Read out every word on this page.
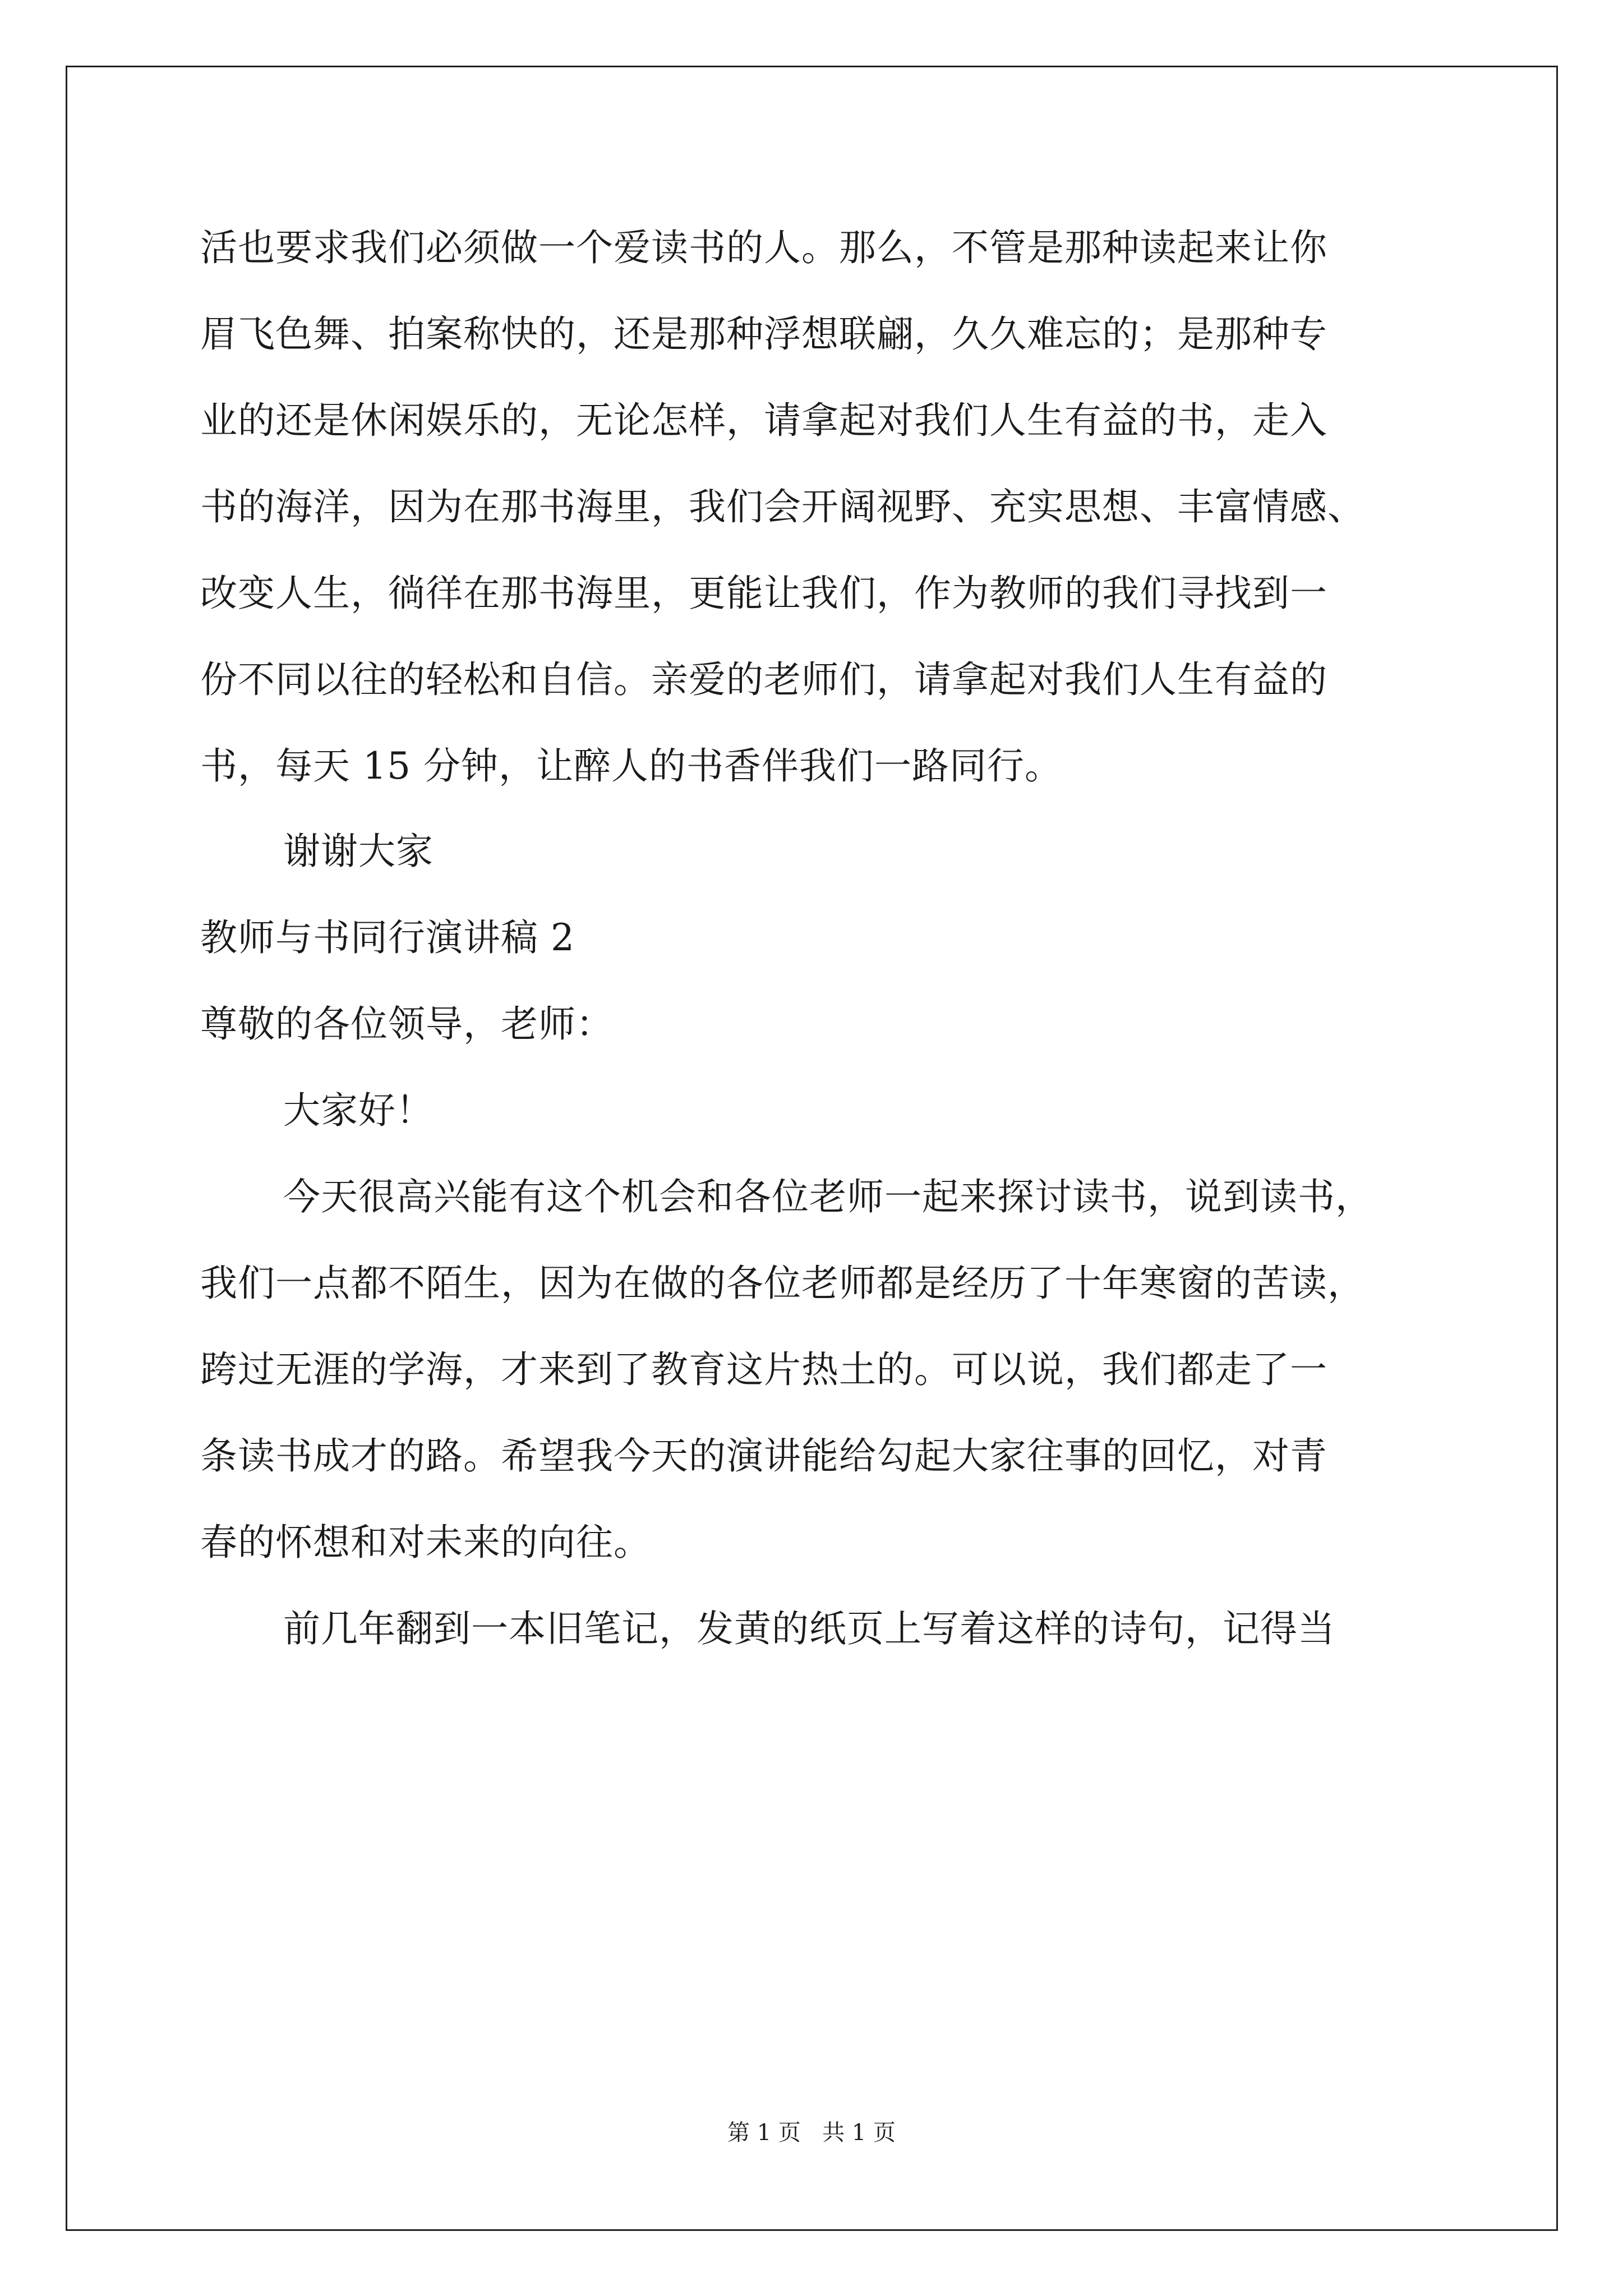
活也要求我们必须做一个爱读书的人。那么，不管是那种读起来让你
眉飞色舞、拍案称快的，还是那种浮想联翩，久久难忘的；是那种专
业的还是休闲娱乐的，无论怎样，请拿起对我们人生有益的书，走入
书的海洋，因为在那书海里，我们会开阔视野、充实思想、丰富情感、
改变人生，徜徉在那书海里，更能让我们，作为教师的我们寻找到一
份不同以往的轻松和自信。亲爱的老师们，请拿起对我们人生有益的
书，每天 15 分钟，让醉人的书香伴我们一路同行。
谢谢大家
教师与书同行演讲稿 2
尊敬的各位领导，老师：
大家好！
今天很高兴能有这个机会和各位老师一起来探讨读书，说到读书，
我们一点都不陌生，因为在做的各位老师都是经历了十年寒窗的苦读，
跨过无涯的学海，才来到了教育这片热土的。可以说，我们都走了一
条读书成才的路。希望我今天的演讲能给勾起大家往事的回忆，对青
春的怀想和对未来的向往。
前几年翻到一本旧笔记，发黄的纸页上写着这样的诗句，记得当
第 1 页   共 1 页
